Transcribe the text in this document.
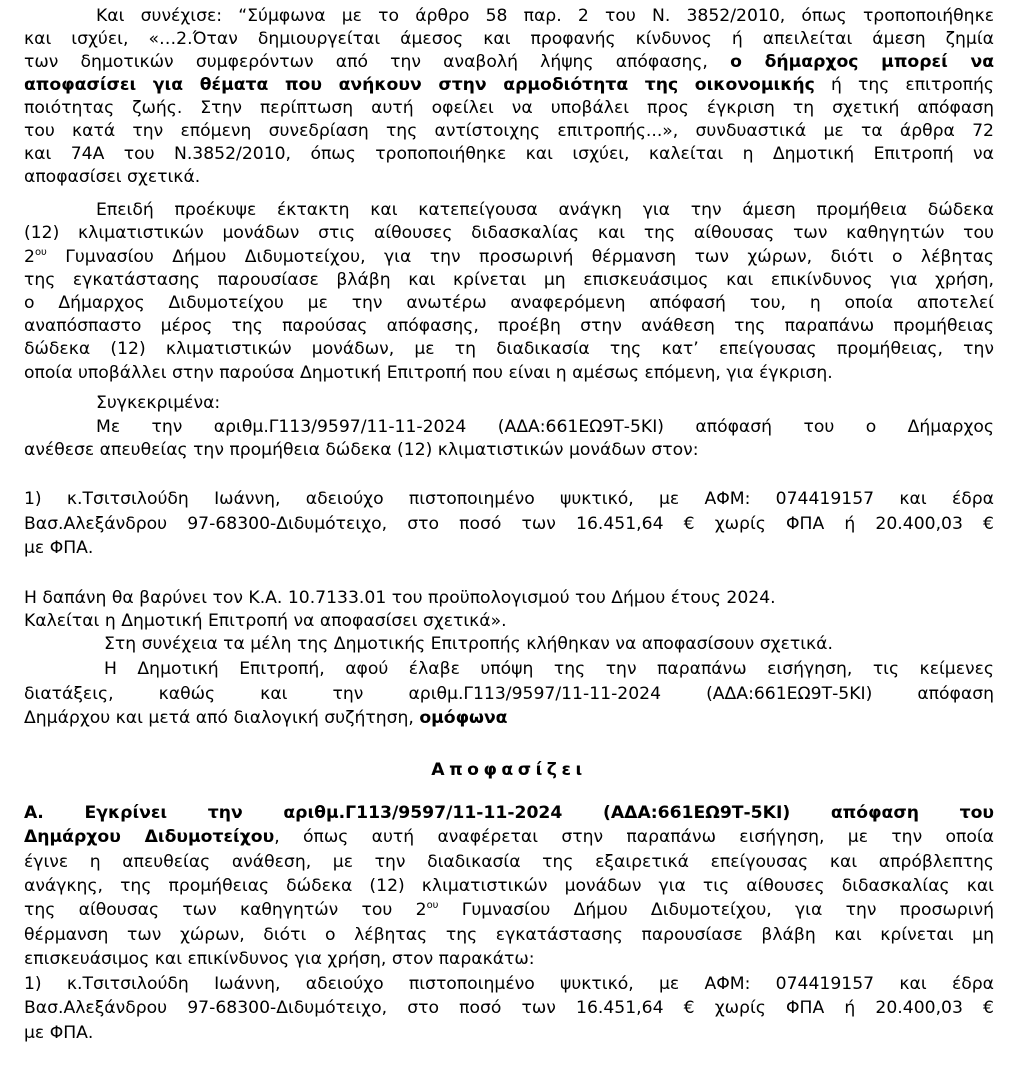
Και συνέχισε: “Σύμφωνα με το άρθρο 58 παρ. 2 του Ν. 3852/2010, όπως τροποποιήθηκε
και ισχύει, «…2.Όταν δημιουργείται άμεσος και προφανής κίνδυνος ή απειλείται άμεση ζημία
των δημοτικών συμφερόντων από την αναβολή λήψης απόφασης, ο δήμαρχος μπορεί να
αποφασίσει για θέματα που ανήκουν στην αρμοδιότητα της οικονομικής ή της επιτροπής
ποιότητας ζωής. Στην περίπτωση αυτή οφείλει να υποβάλει προς έγκριση τη σχετική απόφαση
του κατά την επόμενη συνεδρίαση της αντίστοιχης επιτροπής...», συνδυαστικά με τα άρθρα 72
και 74Α του Ν.3852/2010, όπως τροποποιήθηκε και ισχύει, καλείται η Δημοτική Επιτροπή να
αποφασίσει σχετικά.
Επειδή προέκυψε έκτακτη και κατεπείγουσα ανάγκη για την άμεση προμήθεια δώδεκα
(12) κλιματιστικών μονάδων στις αίθουσες διδασκαλίας και της αίθουσας των καθηγητών του
$2^{o\upsilon}$ Γυμνασίου Δήμου Διδυμοτείχου, για την προσωρινή θέρμανση των χώρων, διότι ο λέβητας
της εγκατάστασης παρουσίασε βλάβη και κρίνεται μη επισκευάσιμος και επικίνδυνος για χρήση,
ο Δήμαρχος Διδυμοτείχου με την ανωτέρω αναφερόμενη απόφασή του, η οποία αποτελεί
αναπόσπαστο μέρος της παρούσας απόφασης, προέβη στην ανάθεση της παραπάνω προμήθειας
δώδεκα (12) κλιματιστικών μονάδων, με τη διαδικασία της κατ’ επείγουσας προμήθειας, την
οποία υποβάλλει στην παρούσα Δημοτική Επιτροπή που είναι η αμέσως επόμενη, για έγκριση.
Συγκεκριμένα:
Με την αριθμ.Γ113/9597/11-11-2024 (ΑΔΑ:661ΕΩ9Τ-5ΚΙ) απόφασή του ο Δήμαρχος
ανέθεσε απευθείας την προμήθεια δώδεκα (12) κλιματιστικών μονάδων στον:
1) κ.Τσιτσιλούδη Ιωάννη, αδειούχο πιστοποιημένο ψυκτικό, με ΑΦΜ: 074419157 και έδρα
Βασ.Αλεξάνδρου 97-68300-Διδυμότειχο, στο ποσό των 16.451,64 € χωρίς ΦΠΑ ή 20.400,03 €
με ΦΠΑ.
Η δαπάνη θα βαρύνει τον Κ.Α. 10.7133.01 του προϋπολογισμού του Δήμου έτους 2024.
Καλείται η Δημοτική Επιτροπή να αποφασίσει σχετικά».
Στη συνέχεια τα μέλη της Δημοτικής Επιτροπής κλήθηκαν να αποφασίσουν σχετικά.
Η Δημοτική Επιτροπή, αφού έλαβε υπόψη της την παραπάνω εισήγηση, τις κείμενες
διατάξεις, καθώς και την αριθμ.Γ113/9597/11-11-2024 (ΑΔΑ:661ΕΩ9Τ-5ΚΙ) απόφαση
Δημάρχου και μετά από διαλογική συζήτηση, ομόφωνα
Αποφασίζει
Α. Εγκρίνει την αριθμ.Γ113/9597/11-11-2024 (ΑΔΑ:661ΕΩ9Τ-5ΚΙ) απόφαση του
Δημάρχου Διδυμοτείχου, όπως αυτή αναφέρεται στην παραπάνω εισήγηση, με την οποία
έγινε η απευθείας ανάθεση, με την διαδικασία της εξαιρετικά επείγουσας και απρόβλεπτης
ανάγκης, της προμήθειας δώδεκα (12) κλιματιστικών μονάδων για τις αίθουσες διδασκαλίας και
της αίθουσας των καθηγητών του $2^{o\upsilon}$ Γυμνασίου Δήμου Διδυμοτείχου, για την προσωρινή
θέρμανση των χώρων, διότι ο λέβητας της εγκατάστασης παρουσίασε βλάβη και κρίνεται μη
επισκευάσιμος και επικίνδυνος για χρήση, στον παρακάτω:
1) κ.Τσιτσιλούδη Ιωάννη, αδειούχο πιστοποιημένο ψυκτικό, με ΑΦΜ: 074419157 και έδρα
Βασ.Αλεξάνδρου 97-68300-Διδυμότειχο, στο ποσό των 16.451,64 € χωρίς ΦΠΑ ή 20.400,03 €
με ΦΠΑ.
